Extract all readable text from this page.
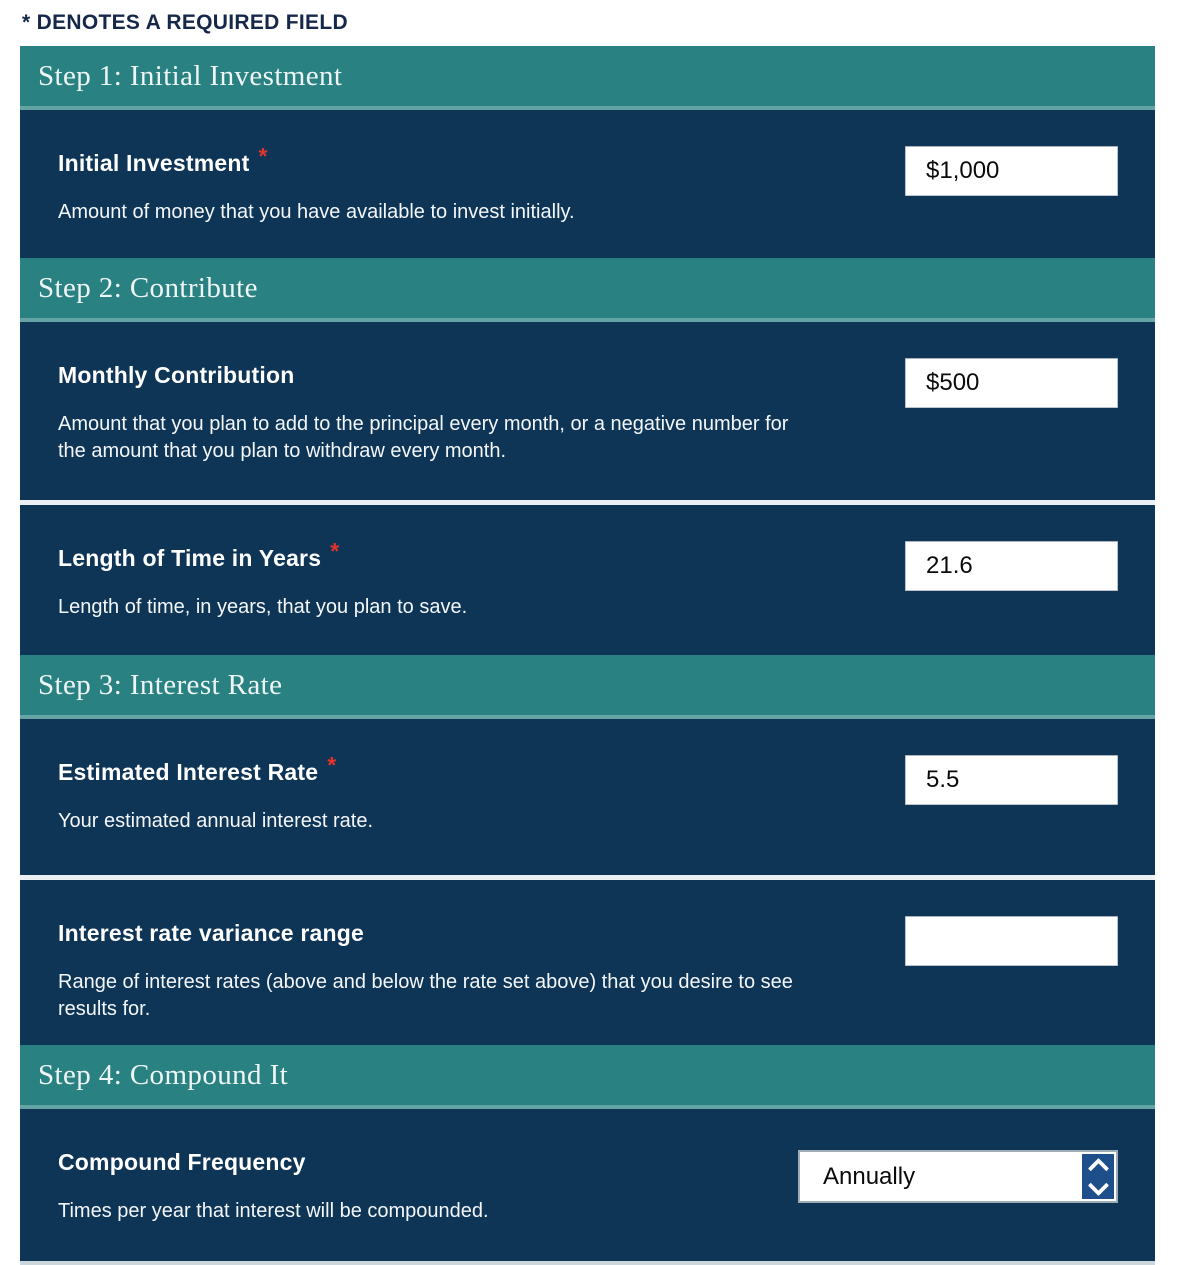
* DENOTES A REQUIRED FIELD
Step 1: Initial Investment
Initial Investment *
Amount of money that you have available to invest initially.
$1,000
Step 2: Contribute
Monthly Contribution
Amount that you plan to add to the principal every month, or a negative number for the amount that you plan to withdraw every month.
$500
Length of Time in Years *
Length of time, in years, that you plan to save.
21.6
Step 3: Interest Rate
Estimated Interest Rate *
Your estimated annual interest rate.
5.5
Interest rate variance range
Range of interest rates (above and below the rate set above) that you desire to see results for.
Step 4: Compound It
Compound Frequency
Times per year that interest will be compounded.
Annually
